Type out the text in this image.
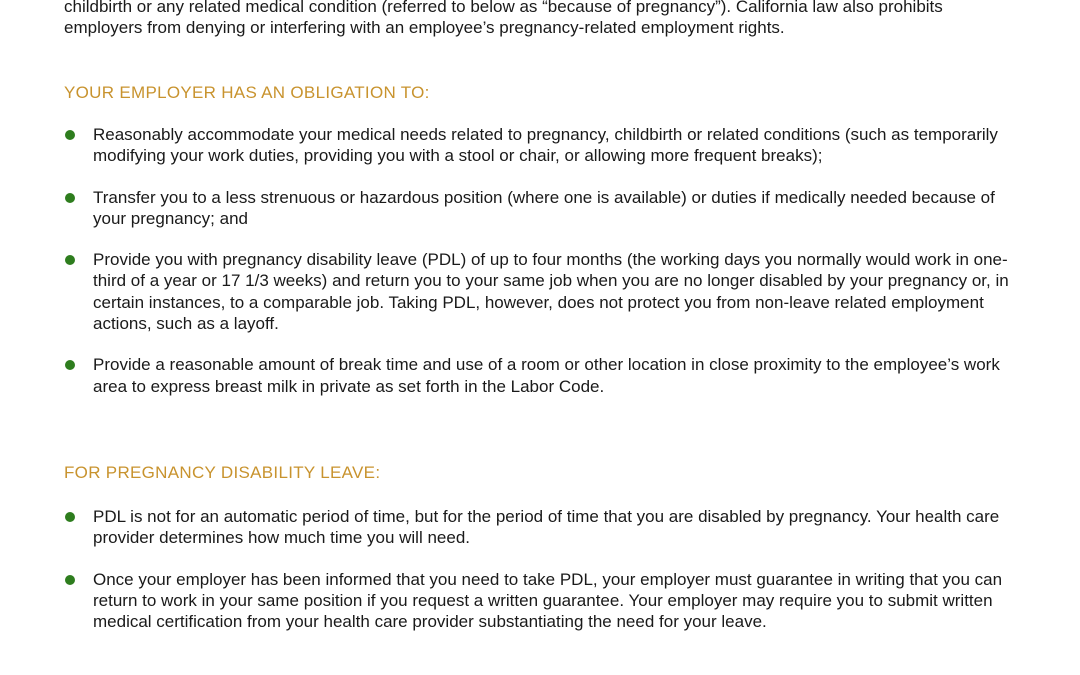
childbirth or any related medical condition (referred to below as “because of pregnancy”). California law also prohibits employers from denying or interfering with an employee’s pregnancy-related employment rights.

YOUR EMPLOYER HAS AN OBLIGATION TO:
Reasonably accommodate your medical needs related to pregnancy, childbirth or related conditions (such as temporarily modifying your work duties, providing you with a stool or chair, or allowing more frequent breaks);
Transfer you to a less strenuous or hazardous position (where one is available) or duties if medically needed because of your pregnancy; and
Provide you with pregnancy disability leave (PDL) of up to four months (the working days you normally would work in one-third of a year or 17 1/3 weeks) and return you to your same job when you are no longer disabled by your pregnancy or, in certain instances, to a comparable job. Taking PDL, however, does not protect you from non-leave related employment actions, such as a layoff.
Provide a reasonable amount of break time and use of a room or other location in close proximity to the employee’s work area to express breast milk in private as set forth in the Labor Code.
FOR PREGNANCY DISABILITY LEAVE:
PDL is not for an automatic period of time, but for the period of time that you are disabled by pregnancy. Your health care provider determines how much time you will need.
Once your employer has been informed that you need to take PDL, your employer must guarantee in writing that you can return to work in your same position if you request a written guarantee. Your employer may require you to submit written medical certification from your health care provider substantiating the need for your leave.
